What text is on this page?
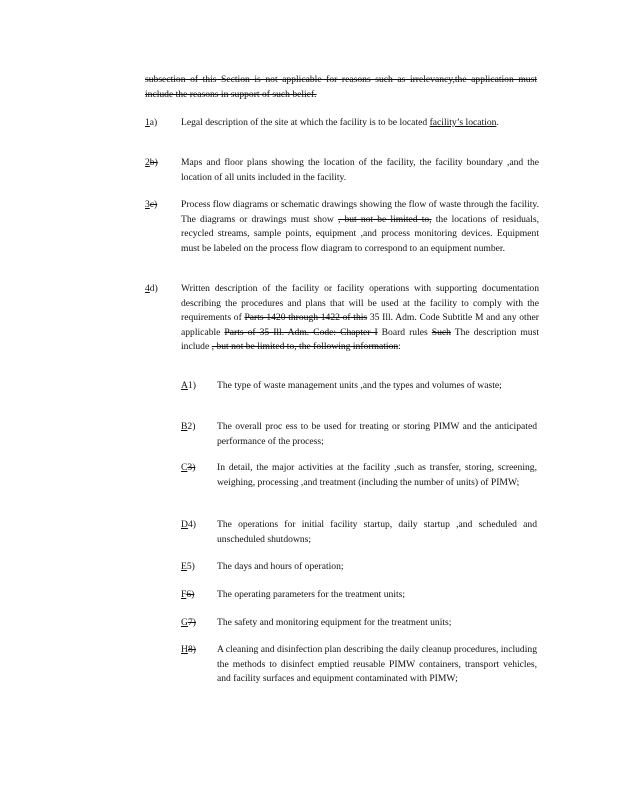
subsection of this Section is not applicable for reasons such as irrelevancy,the application must include the reasons in support of such belief.
1a) Legal description of the site at which the facility is to be located facility’s location.
2b) Maps and floor plans showing the location of the facility, the facility boundary ,and the location of all units included in the facility.
3c) Process flow diagrams or schematic drawings showing the flow of waste through the facility. The diagrams or drawings must show , but not be limited to, the locations of residuals, recycled streams, sample points, equipment ,and process monitoring devices. Equipment must be labeled on the process flow diagram to correspond to an equipment number.
4d) Written description of the facility or facility operations with supporting documentation describing the procedures and plans that will be used at the facility to comply with the requirements of Parts 1420 through 1422 of this 35 Ill. Adm. Code Subtitle M and any other applicable Parts of 35 Ill. Adm. Code: Chapter I Board rules Such The description must include , but not be limited to, the following information:
A1) The type of waste management units ,and the types and volumes of waste;
B2) The overall proc ess to be used for treating or storing PIMW and the anticipated performance of the process;
C3) In detail, the major activities at the facility ,such as transfer, storing, screening, weighing, processing ,and treatment (including the number of units) of PIMW;
D4) The operations for initial facility startup, daily startup ,and scheduled and unscheduled shutdowns;
E5) The days and hours of operation;
F6) The operating parameters for the treatment units;
G7) The safety and monitoring equipment for the treatment units;
H8) A cleaning and disinfection plan describing the daily cleanup procedures, including the methods to disinfect emptied reusable PIMW containers, transport vehicles, and facility surfaces and equipment contaminated with PIMW;
